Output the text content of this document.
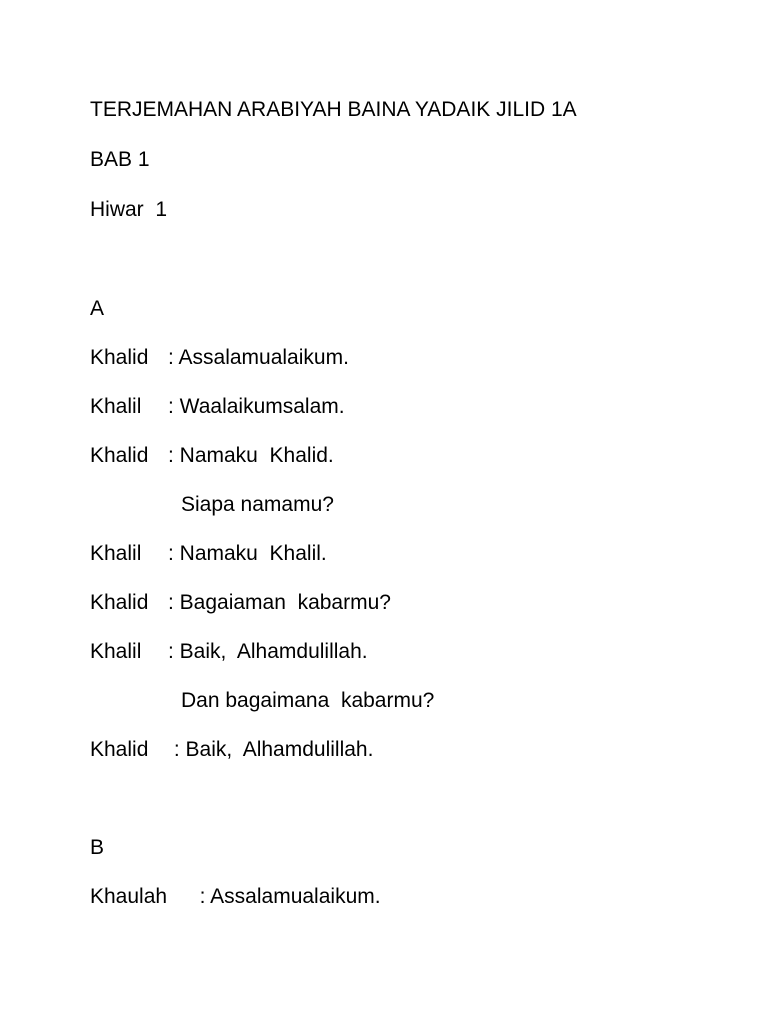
TERJEMAHAN ARABIYAH BAINA YADAIK JILID 1A
BAB 1
Hiwar  1
A
Khalid : Assalamualaikum.
Khalil : Waalaikumsalam.
Khalid : Namaku  Khalid.
Siapa namamu?
Khalil : Namaku  Khalil.
Khalid : Bagaiaman  kabarmu?
Khalil : Baik,  Alhamdulillah.
Dan bagaimana  kabarmu?
Khalid : Baik,  Alhamdulillah.
B
Khaulah  : Assalamualaikum.
